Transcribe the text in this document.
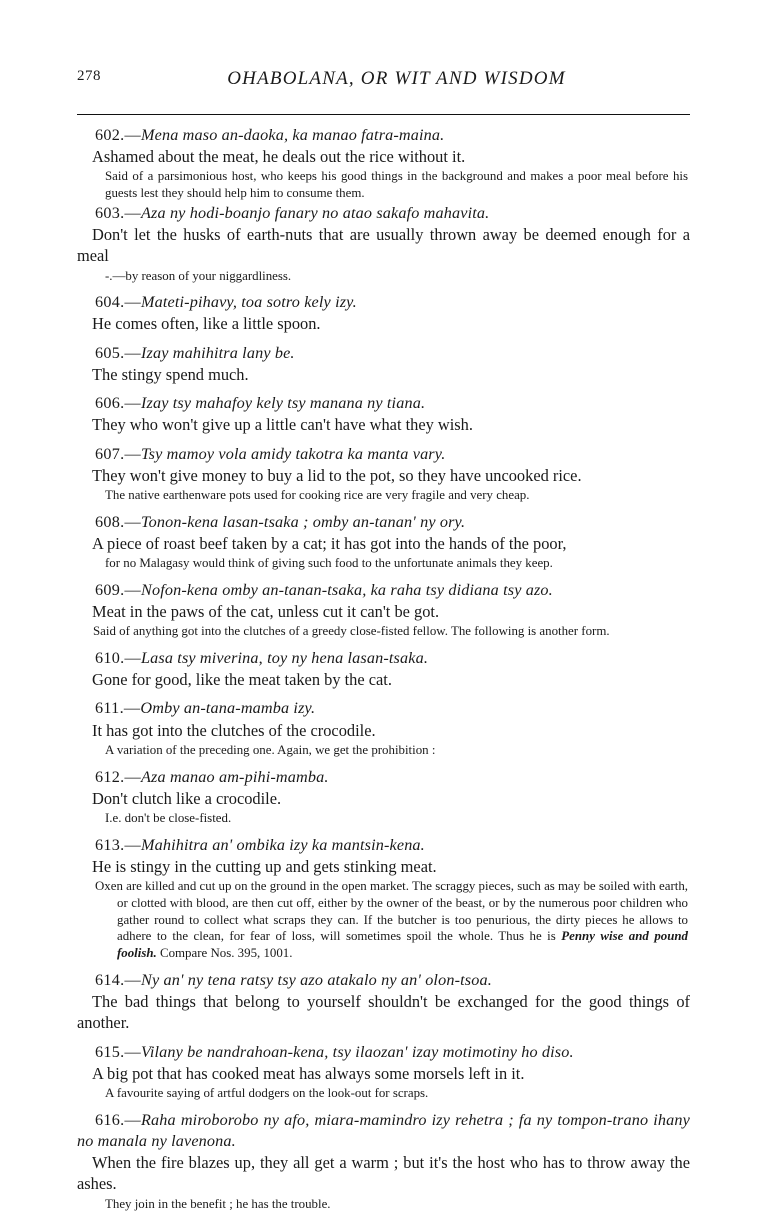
278	OHABOLANA, OR WIT AND WISDOM

602.—Mena maso an-daoka, ka manao fatra-maina.

Ashamed about the meat, he deals out the rice without it.

Said of a parsimonious host, who keeps his good things in the background and makes a poor meal before his guests lest they should help him to consume them.

603.—Aza ny hodi-boanjo fanary no atao sakafo mahavita.

Don't let the husks of earth-nuts that are usually thrown away be deemed enough for a meal

-.—by reason of your niggardliness.

604.—Mateti-pihavy, toa sotro kely izy.

He comes often, like a little spoon.

605.—Izay mahihitra lany be.

The stingy spend much.

606.—Izay tsy mahafoy kely tsy manana ny tiana.

They who won't give up a little can't have what they wish.

607.—Tsy mamoy vola amidy takotra ka manta vary.

They won't give money to buy a lid to the pot, so they have uncooked rice.

The native earthenware pots used for cooking rice are very fragile and very cheap.

608.—Tonon-kena lasan-tsaka ; omby an-tanan' ny ory.

A piece of roast beef taken by a cat; it has got into the hands of the poor,

for no Malagasy would think of giving such food to the unfortunate animals they keep.

609.—Nofon-kena omby an-tanan-tsaka, ka raha tsy didiana tsy azo.

Meat in the paws of the cat, unless cut it can't be got.

Said of anything got into the clutches of a greedy close-fisted fellow. The following is another form.

610.—Lasa tsy miverina, toy ny hena lasan-tsaka.

Gone for good, like the meat taken by the cat.

611.—Omby an-tana-mamba izy.

It has got into the clutches of the crocodile.

A variation of the preceding one. Again, we get the prohibition :

612.—Aza manao am-pihi-mamba.

Don't clutch like a crocodile.

I.e. don't be close-fisted.

613.—Mahihitra an' ombika izy ka mantsin-kena.

He is stingy in the cutting up and gets stinking meat.

Oxen are killed and cut up on the ground in the open market. The scraggy pieces, such as may be soiled with earth, or clotted with blood, are then cut off, either by the owner of the beast, or by the numerous poor children who gather round to collect what scraps they can. If the butcher is too penurious, the dirty pieces he allows to adhere to the clean, for fear of loss, will sometimes spoil the whole. Thus he is Penny wise and pound foolish. Compare Nos. 395, 1001.

614.—Ny an' ny tena ratsy tsy azo atakalo ny an' olon-tsoa.

The bad things that belong to yourself shouldn't be exchanged for the good things of another.

615.—Vilany be nandrahoan-kena, tsy ilaozan' izay motimotiny ho diso.

A big pot that has cooked meat has always some morsels left in it.

A favourite saying of artful dodgers on the look-out for scraps.

616.—Raha miroborobo ny afo, miara-mamindro izy rehetra ; fa ny tompon-trano ihany no manala ny lavenona.

When the fire blazes up, they all get a warm ; but it's the host who has to throw away the ashes.

They join in the benefit ; he has the trouble.
